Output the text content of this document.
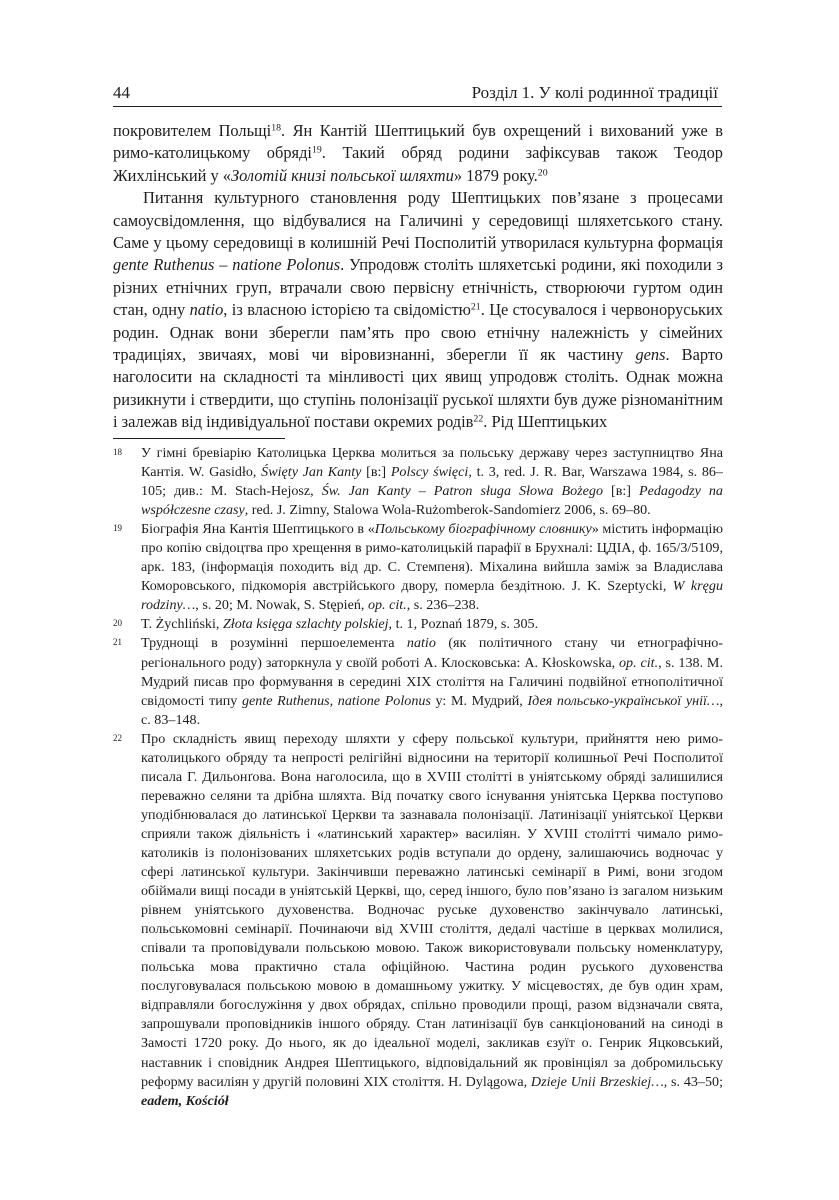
44	Розділ 1. У колі родинної традиції

покровителем Польщі$^{18}$. Ян Кантій Шептицький був охрещений і вихований уже в римо-католицькому обряді$^{19}$. Такий обряд родини зафіксував також Теодор Жихлінський у «Золотій книзі польської шляхти» 1879 року.$^{20}$

Питання культурного становлення роду Шептицьких пов’язане з процесами самоусвідомлення, що відбувалися на Галичині у середовищі шляхетського стану. Саме у цьому середовищі в колишній Речі Посполитій утворилася культурна формація gente Ruthenus – natione Polonus. Упродовж століть шляхетські родини, які походили з різних етнічних груп, втрачали свою первісну етнічність, створюючи гуртом один стан, одну natio, із власною історією та свідомістю$^{21}$. Це стосувалося і червоноруських родин. Однак вони зберегли пам’ять про свою етнічну належність у сімейних традиціях, звичаях, мові чи віровизнанні, зберегли її як частину gens. Варто наголосити на складності та мінливості цих явищ упродовж століть. Однак можна ризикнути і ствердити, що ступінь полонізації руської шляхти був дуже різноманітним і залежав від індивідуальної постави окремих родів$^{22}$. Рід Шептицьких

18 У гімні бревіарію Католицька Церква молиться за польську державу через заступництво Яна Кантія. W. Gasidło, Święty Jan Kanty [в:] Polscy święci, t. 3, red. J. R. Bar, Warszawa 1984, s. 86–105; див.: M. Stach-Hejosz, Św. Jan Kanty – Patron sługa Słowa Bożego [в:] Pedagodzy na współczesne czasy, red. J. Zimny, Stalowa Wola-Rużomberok-Sandomierz 2006, s. 69–80.
19 Біографія Яна Кантія Шептицького в «Польському біографічному словнику» містить інформацію про копію свідоцтва про хрещення в римо-католицькій парафії в Брухналі: ЦДІА, ф. 165/3/5109, арк. 183, (інформація походить від др. С. Стемпеня). Міхалина вийшла заміж за Владислава Коморовського, підкоморія австрійського двору, померла бездітною. J. K. Szeptycki, W kręgu rodziny…, s. 20; M. Nowak, S. Stępień, op. cit., s. 236–238.
20 T. Żychliński, Złota księga szlachty polskiej, t. 1, Poznań 1879, s. 305.
21 Труднощі в розумінні першоелемента natio (як політичного стану чи етнографічно-регіонального роду) заторкнула у своїй роботі А. Клосковська: A. Kłoskowska, op. cit., s. 138. М. Мудрий писав про формування в середині XIX століття на Галичині подвійної етнополітичної свідомості типу gente Ruthenus, natione Polonus у: М. Мудрий, Ідея польсько-української унії…, с. 83–148.
22 Про складність явищ переходу шляхти у сферу польської культури, прийняття нею римо-католицького обряду та непрості релігійні відносини на території колишньої Речі Посполитої писала Г. Дильонґова. Вона наголосила, що в XVIII столітті в уніятському обряді залишилися переважно селяни та дрібна шляхта. Від початку свого існування уніятська Церква поступово уподібнювалася до латинської Церкви та зазнавала полонізації. Латинізації уніятської Церкви сприяли також діяльність і «латинський характер» василіян. У XVIII столітті чимало римо-католиків із полонізованих шляхетських родів вступали до ордену, залишаючись водночас у сфері латинської культури. Закінчивши переважно латинські семінарії в Римі, вони згодом обіймали вищі посади в уніятській Церкві, що, серед іншого, було пов’язано із загалом низьким рівнем уніятського духовенства. Водночас руське духовенство закінчувало латинські, польськомовні семінарії. Починаючи від XVIII століття, дедалі частіше в церквах молилися, співали та проповідували польською мовою. Також використовували польську номенклатуру, польська мова практично стала офіційною. Частина родин руського духовенства послуговувалася польською мовою в домашньому ужитку. У місцевостях, де був один храм, відправляли богослужіння у двох обрядах, спільно проводили прощі, разом відзначали свята, запрошували проповідників іншого обряду. Стан латинізації був санкціонований на синоді в Замості 1720 року. До нього, як до ідеальної моделі, закликав єзуїт о. Генрик Яцковський, наставник і сповідник Андрея Шептицького, відповідальний як провінціял за добромильську реформу василіян у другій половині XIX століття. H. Dylągowa, Dzieje Unii Brzeskiej…, s. 43–50; eadem, Kościół
